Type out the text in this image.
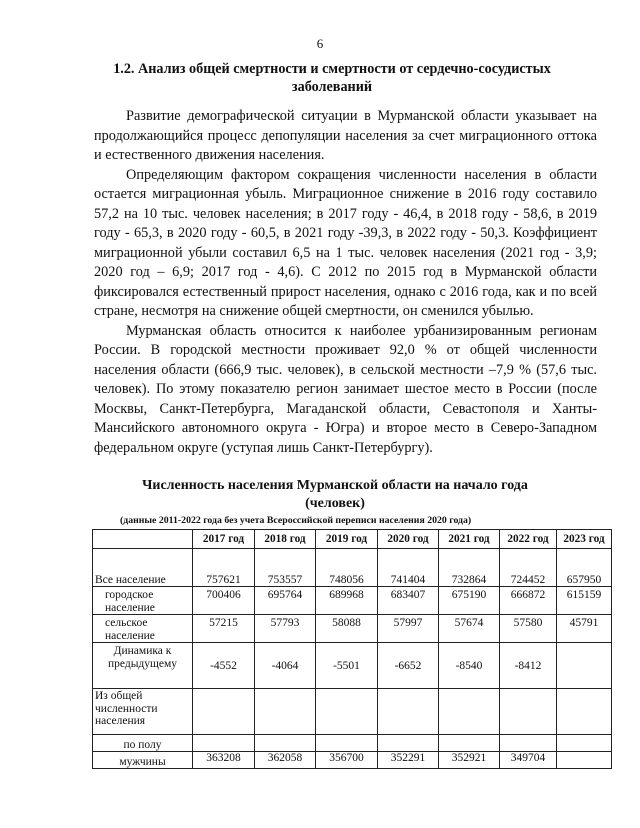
6
1.2. Анализ общей смертности и смертности от сердечно-сосудистых заболеваний

Развитие демографической ситуации в Мурманской области указывает на продолжающийся процесс депопуляции населения за счет миграционного оттока и естественного движения населения.

Определяющим фактором сокращения численности населения в области остается миграционная убыль. Миграционное снижение в 2016 году составило 57,2 на 10 тыс. человек населения; в 2017 году - 46,4, в 2018 году - 58,6, в 2019 году - 65,3, в 2020 году - 60,5, в 2021 году -39,3, в 2022 году - 50,3. Коэффициент миграционной убыли составил 6,5 на 1 тыс. человек населения (2021 год - 3,9; 2020 год – 6,9; 2017 год - 4,6). С 2012 по 2015 год в Мурманской области фиксировался естественный прирост населения, однако с 2016 года, как и по всей стране, несмотря на снижение общей смертности, он сменился убылью.

Мурманская область относится к наиболее урбанизированным регионам России. В городской местности проживает 92,0 % от общей численности населения области (666,9 тыс. человек), в сельской местности –7,9 % (57,6 тыс. человек). По этому показателю регион занимает шестое место в России (после Москвы, Санкт-Петербурга, Магаданской области, Севастополя и Ханты-Мансийского автономного округа - Югра) и второе место в Северо-Западном федеральном округе (уступая лишь Санкт-Петербургу).

Численность населения Мурманской области на начало года (человек)
(данные 2011-2022 года без учета Всероссийской переписи населения 2020 года)
	2017 год	2018 год	2019 год	2020 год	2021 год	2022 год	2023 год
Все население	757621	753557	748056	741404	732864	724452	657950
городское население	700406	695764	689968	683407	675190	666872	615159
сельское население	57215	57793	58088	57997	57674	57580	45791
Динамика к предыдущему	-4552	-4064	-5501	-6652	-8540	-8412	
Из общей численности населения							
по полу							
мужчины	363208	362058	356700	352291	352921	349704	
